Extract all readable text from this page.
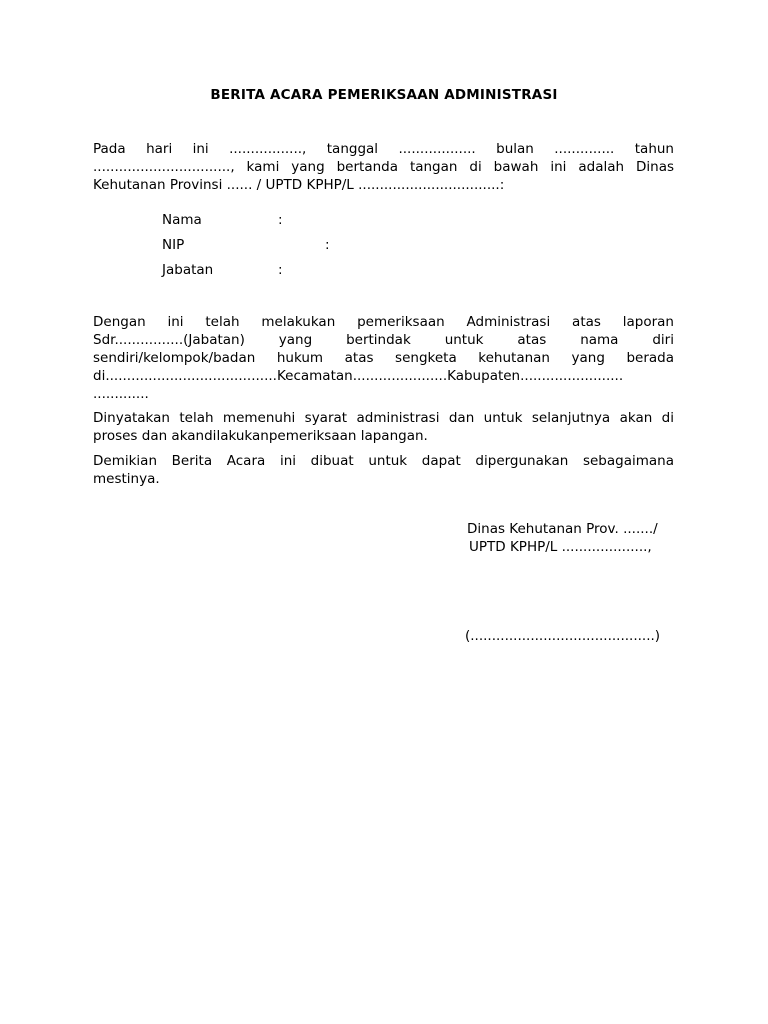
BERITA ACARA PEMERIKSAAN ADMINISTRASI
Pada hari ini ................., tanggal .................. bulan .............. tahun
................................, kami yang bertanda tangan di bawah ini adalah Dinas
Kehutanan Provinsi ...... / UPTD KPHP/L .................................:
Nama	:
NIP	:
Jabatan	:
Dengan ini telah melakukan pemeriksaan Administrasi atas laporan
Sdr................(Jabatan) yang bertindak untuk atas nama diri
sendiri/kelompok/badan hukum atas sengketa kehutanan yang berada
di........................................Kecamatan......................Kabupaten........................
.............
Dinyatakan telah memenuhi syarat administrasi dan untuk selanjutnya akan di
proses dan akandilakukanpemeriksaan lapangan.
Demikian Berita Acara ini dibuat untuk dapat dipergunakan sebagaimana
mestinya.
Dinas Kehutanan Prov. ......./
UPTD KPHP/L ....................,
(...........................................)
